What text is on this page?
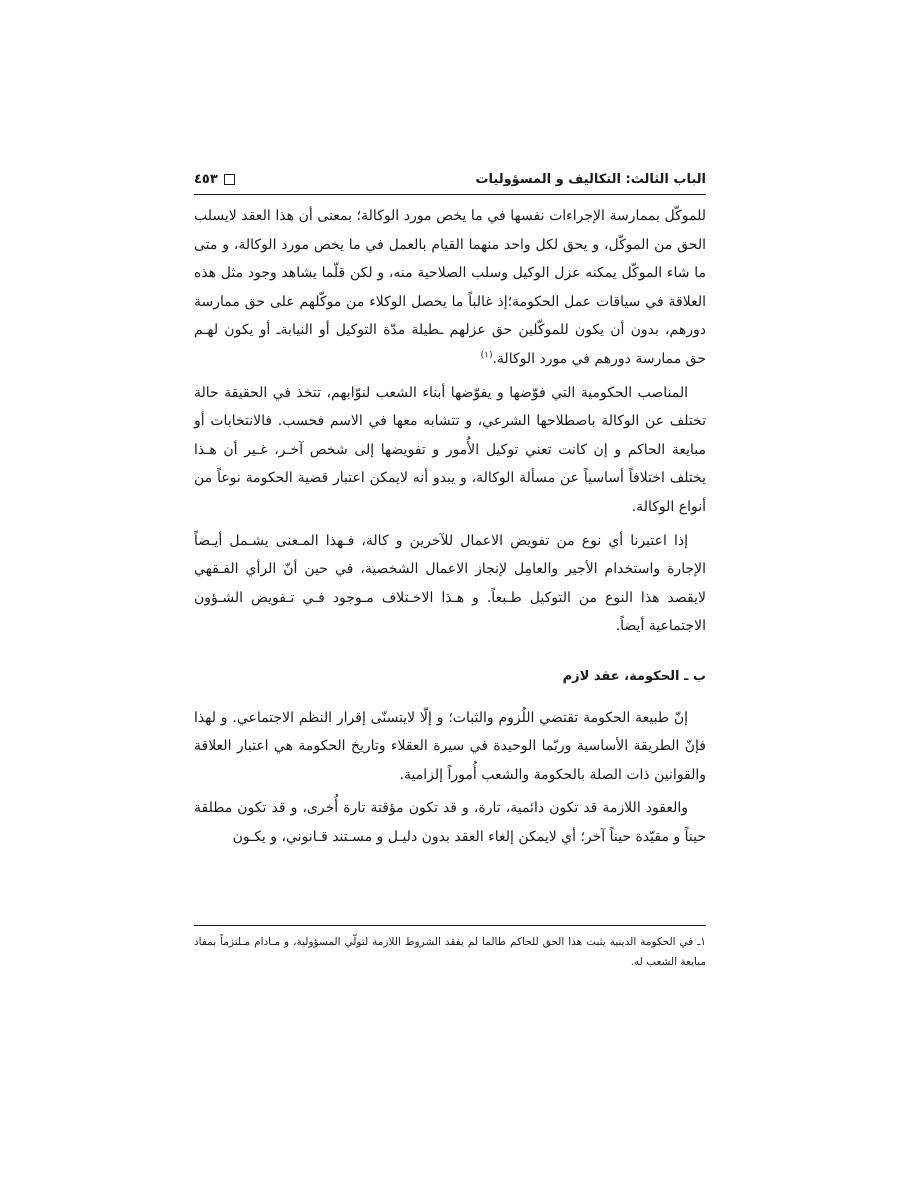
الباب الثالث: التكاليف و المسؤوليات
٤٥٣

للموكّل بممارسة الإجراءات نفسها في ما يخص مورد الوكالة؛ بمعنى أن هذا العقد لايسلب الحق من الموكّل، و يحق لكل واحد منهما القيام بالعمل في ما يخص مورد الوكالة، و متى ما شاء الموكّل يمكنه عزل الوكيل وسلب الصلاحية منه، و لكن قلّما يشاهد وجود مثل هذه العلاقة في سياقات عمل الحكومة؛إذ غالباً ما يحصل الوكلاء من موكّلهم على حق ممارسة دورهم، بدون أن يكون للموكّلين حق عزلهم ـطيلة مدّة التوكيل أو النيابةـ أو يكون لهـم حق ممارسة دورهم في مورد الوكالة.$^{(١)}$

المناصب الحكومية التي فوّضها و يفوّضها أبناء الشعب لنوّابهم، تتخذ في الحقيقة حالة تختلف عن الوكالة باصطلاحها الشرعي، و تتشابه معها في الاسم فحسب. فالانتخابات أو مبايعة الحاكم و إن كانت تعني توكيل الأُمور و تفويضها إلى شخص آخـر، غـير أن هـذا يختلف اختلافاً أساسياً عن مسألة الوكالة، و يبدو أنه لايمكن اعتبار قضية الحكومة نوعاً من أنواع الوكالة.

إذا اعتبرنا أي نوع من تفويض الاعمال للآخرين و كالة، فـهذا المـعنى يشـمل أيـضاً الإجارة واستخدام الأجير والعامِل لإنجاز الاعمال الشخصية، في حين أنّ الرأي الفـقهي لايقصد هذا النوع من التوكيل طـبعاً. و هـذا الاخـتلاف مـوجود فـي تـفويض الشـؤون الاجتماعية أيضاً.

ب ـ الحكومة، عقد لازم

إنّ طبيعة الحكومة تقتضي اللُزوم والثبات؛ و إلّا لايتسنّى إقرار النظم الاجتماعي. و لهذا فإنّ الطريقة الأساسية وربّما الوحيدة في سيرة العقلاء وتاريخ الحكومة هي اعتبار العلاقة والقوانين ذات الصلة بالحكومة والشعب أُموراً إلزامية.

والعقود اللازمة قد تكون دائمية، تارة، و قد تكون مؤقتة تارة أُخرى، و قد تكون مطلقة حيناً و مقيّدة حيناً آخر؛ أي لايمكن إلغاء العقد بدون دليـل و مسـتند قـانوني، و يكـون

١ـ في الحكومة الدينية يثبت هذا الحق للحاكم طالما لم يفقد الشروط اللازمة لتولّي المسؤولية، و مـادام مـلتزماً بمفاد مبايعة الشعب له.
